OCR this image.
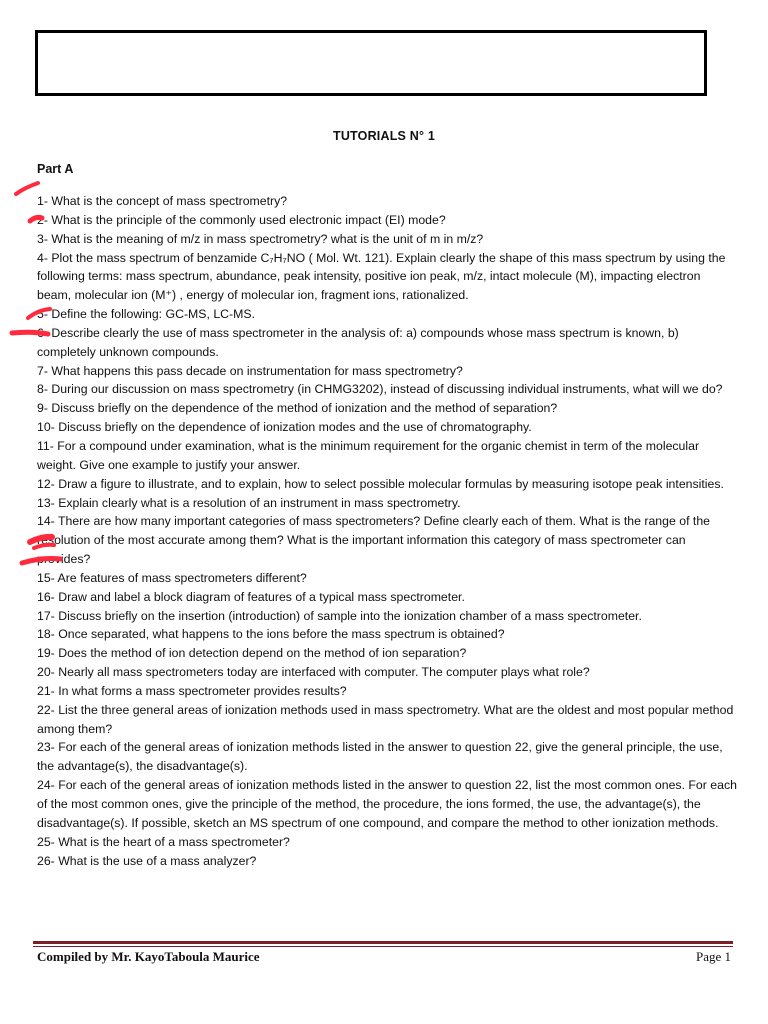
TUTORIALS N° 1
Part A

1- What is the concept of mass spectrometry?

2- What is the principle of the commonly used electronic impact (EI) mode?

3- What is the meaning of m/z in mass spectrometry? what is the unit of m in m/z?

4- Plot the mass spectrum of benzamide C₇H₇NO ( Mol. Wt. 121). Explain clearly the shape of this mass spectrum by using the following terms: mass spectrum, abundance, peak intensity, positive ion peak, m/z, intact molecule (M), impacting electron beam, molecular ion (M⁺) , energy of molecular ion, fragment ions, rationalized.

5- Define the following: GC-MS, LC-MS.

6- Describe clearly the use of mass spectrometer in the analysis of: a) compounds whose mass spectrum is known, b) completely unknown compounds.

7- What happens this pass decade on instrumentation for mass spectrometry?

8- During our discussion on mass spectrometry (in CHMG3202), instead of discussing individual instruments, what will we do?

9- Discuss briefly on the dependence of the method of ionization and the method of separation?

10- Discuss briefly on the dependence of ionization modes and the use of chromatography.

11- For a compound under examination, what is the minimum requirement for the organic chemist in term of the molecular weight. Give one example to justify your answer.

12- Draw a figure to illustrate, and to explain, how to select possible molecular formulas by measuring isotope peak intensities.

13- Explain clearly what is a resolution of an instrument in mass spectrometry.

14- There are how many important categories of mass spectrometers? Define clearly each of them. What is the range of the resolution of the most accurate among them? What is the important information this category of mass spectrometer can provides?

15- Are features of mass spectrometers different?

16- Draw and label a block diagram of features of a typical mass spectrometer.

17- Discuss briefly on the insertion (introduction) of sample into the ionization chamber of a mass spectrometer.

18- Once separated, what happens to the ions before the mass spectrum is obtained?

19- Does the method of ion detection depend on the method of ion separation?

20- Nearly all mass spectrometers today are interfaced with computer. The computer plays what role?

21- In what forms a mass spectrometer provides results?

22- List the three general areas of ionization methods used in mass spectrometry. What are the oldest and most popular method among them?

23- For each of the general areas of ionization methods listed in the answer to question 22, give the general principle, the use, the advantage(s), the disadvantage(s).

24- For each of the general areas of ionization methods listed in the answer to question 22, list the most common ones. For each of the most common ones, give the principle of the method, the procedure, the ions formed, the use, the advantage(s), the disadvantage(s). If possible, sketch an MS spectrum of one compound, and compare the method to other ionization methods.

25- What is the heart of a mass spectrometer?

26- What is the use of a mass analyzer?

Compiled by Mr. KayoTaboula Maurice	Page 1
